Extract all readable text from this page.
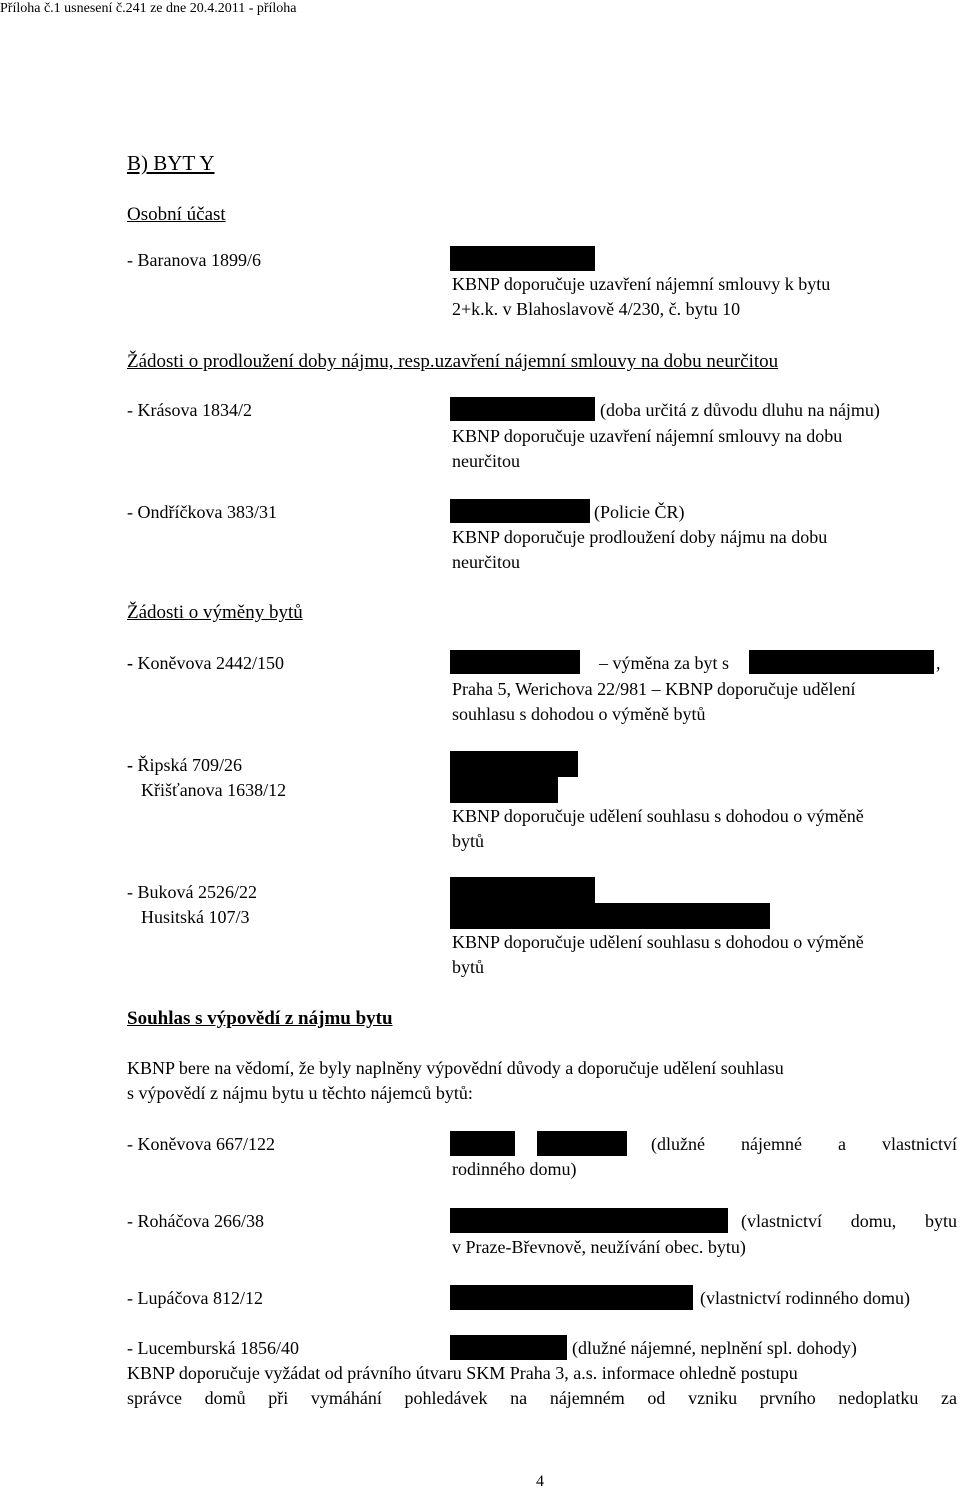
Příloha č.1 usnesení č.241 ze dne 20.4.2011 - příloha
B) BYT Y
Osobní účast
- Baranova 1899/6
KBNP doporučuje uzavření nájemní smlouvy k bytu
2+k.k. v Blahoslavově 4/230, č. bytu 10
Žádosti o prodloužení doby nájmu, resp.uzavření nájemní smlouvy na dobu neurčitou
- Krásova 1834/2	(doba určitá z důvodu dluhu na nájmu)
KBNP doporučuje uzavření nájemní smlouvy na dobu
neurčitou
- Ondříčkova 383/31	(Policie ČR)
KBNP doporučuje prodloužení doby nájmu na dobu
neurčitou
Žádosti o výměny bytů
- Koněvova 2442/150	– výměna za byt s	,
Praha 5, Werichova 22/981 – KBNP doporučuje udělení
souhlasu s dohodou o výměně bytů
- Řipská 709/26
Křišťanova 1638/12
KBNP doporučuje udělení souhlasu s dohodou o výměně
bytů
- Buková 2526/22
Husitská 107/3
KBNP doporučuje udělení souhlasu s dohodou o výměně
bytů
Souhlas s výpovědí z nájmu bytu
KBNP bere na vědomí, že byly naplněny výpovědní důvody a doporučuje udělení souhlasu
s výpovědí z nájmu bytu u těchto nájemců bytů:
- Koněvova 667/122	(dlužné nájemné a vlastnictví
rodinného domu)
- Roháčova 266/38	(vlastnictví domu, bytu
v Praze-Břevnově, neužívání obec. bytu)
- Lupáčova 812/12	(vlastnictví rodinného domu)
- Lucemburská 1856/40	(dlužné nájemné, neplnění spl. dohody)
KBNP doporučuje vyžádat od právního útvaru SKM Praha 3, a.s. informace ohledně postupu
správce domů při vymáhání pohledávek na nájemném od vzniku prvního nedoplatku za
4
